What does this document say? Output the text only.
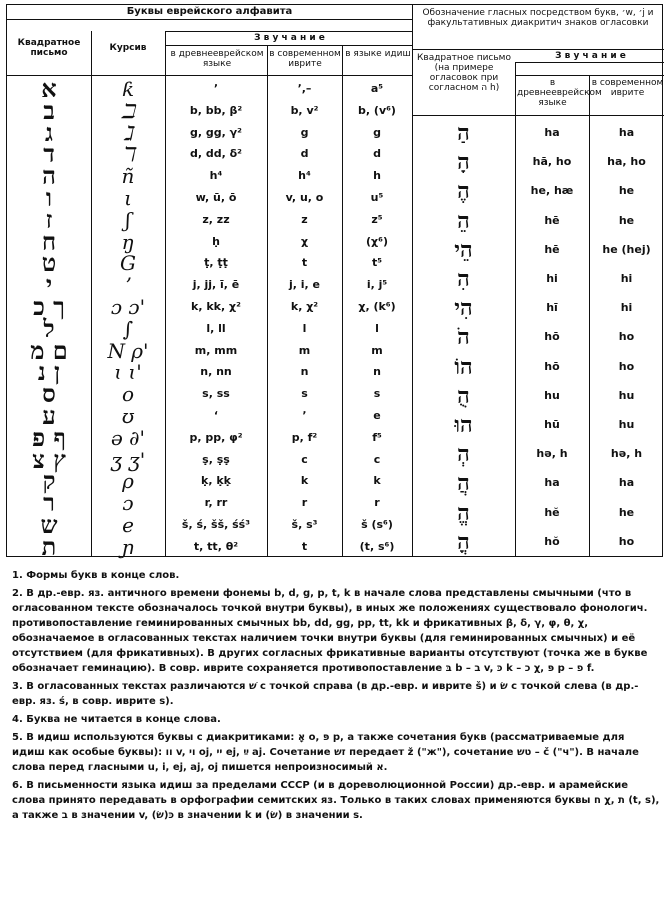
Буквы еврейского алфавита
Квадратное письмо	Курсив
З в у ч а н и е
в древнееврейском языке
в современном иврите
в языке идиш
Обозначение гласных посредством букв, ׳w, ׳j и факультативных диакритич знаков огласовки
Квадратное письмо (на примере огласовок при согласном ה h)
З в у ч а н и е
в древнееврейском языке
в современном иврите
א	ƙ	ʼ	ʼ,–	a⁵
ב	ℶ	b, bb, β²	b, v²	b, (v⁶)
ג	ℷ	g, gg, γ²	g	g
ד	ℸ	d, dd, δ²	d	d
ה	ñ	h⁴	h⁴	h
ו	ι	w, ū, ō	v, u, o	u⁵
ז	ʃ	z, zz	z	z⁵
ח	ŋ	ḥ	χ	(χ⁶)
ט	G	ṭ, ṭṭ	t	t⁵
י	ʼ	j, jj, ī, ē	j, i, e	i, j⁵
ך כ	ɔ ɔ'	k, kk, χ²	k, χ²	χ, (k⁶)
ל	∫	l, ll	l	l
ם מ	N ρ'	m, mm	m	m
ן נ	ɩ ɩ'	n, nn	n	n
ס	ο	s, ss	s	s
ע	ʊ	ʻ	ʼ	e
ף פ	ə ∂'	p, pp, φ²	p, f²	f⁵
ץ צ	ʒ ʒ'	ṣ, ṣṣ	c	c
ק	ρ	ḳ, ḳḳ	k	k
ר	ɔ	r, rr	r	r
ש	e	š, ś, šš, śś³	š, s³	š (s⁶)
ת	ɲ	t, tt, θ²	t	(t, s⁶)
הַ	ha	ha
הָ	hā, ho	ha, ho
הֶ	he, hæ	he
הֵ	hē	he
הֵי	hē	he (hej)
הִ	hi	hi
הִי	hī	hi
הֹ	hō	ho
הוֹ	hō	ho
הֻ	hu	hu
הוּ	hū	hu
הְ	hə, h	hə, h
הֲ	ha	ha
הֱ	hĕ	he
הֳ	hŏ	ho

1. Формы букв в конце слов.

2. В др.-евр. яз. античного времени фонемы b, d, g, p, t, k в начале слова представлены смычными (что в огласованном тексте обозначалось точкой внутри буквы), в иных же положениях существовало фонологич. противопоставление геминированных смычных bb, dd, gg, pp, tt, kk и фрикативных β, δ, γ, φ, θ, χ, обозначаемое в огласованных текстах наличием точки внутри буквы (для геминированных смычных) и её отсутствием (для фрикативных). В других согласных фрикативные варианты отсутствуют (точка же в букве обозначает геминацию). В совр. иврите сохраняется противопоставление בּ b – ב v, כּ k – כ χ, פּ p – פ f.

3. В огласованных текстах различаются שׁ с точкой справа (в др.-евр. и иврите š) и שׂ с точкой слева (в др.-евр. яз. ś, в совр. иврите s).

4. Буква не читается в конце слова.

5. В идиш используются буквы с диакритиками: אָ o, פּ p, а также сочетания букв (рассматриваемые для идиш как особые буквы): וו v, וי oj, יי ej, ײַ aj. Сочетание זש передает ž ("ж"), сочетание טש – č ("ч"). В начале слова перед гласными u, i, ej, aj, oj пишется непроизносимый א.

6. В письменности языка идиш за пределами СССР (и в дореволюционной России) др.-евр. и арамейские слова принято передавать в орфографии семитских яз. Только в таких словах применяются буквы ח χ, ת (t, s), а также ב в значении v, כּ(שׂ) в значении k и (שׂ) в значении s.
